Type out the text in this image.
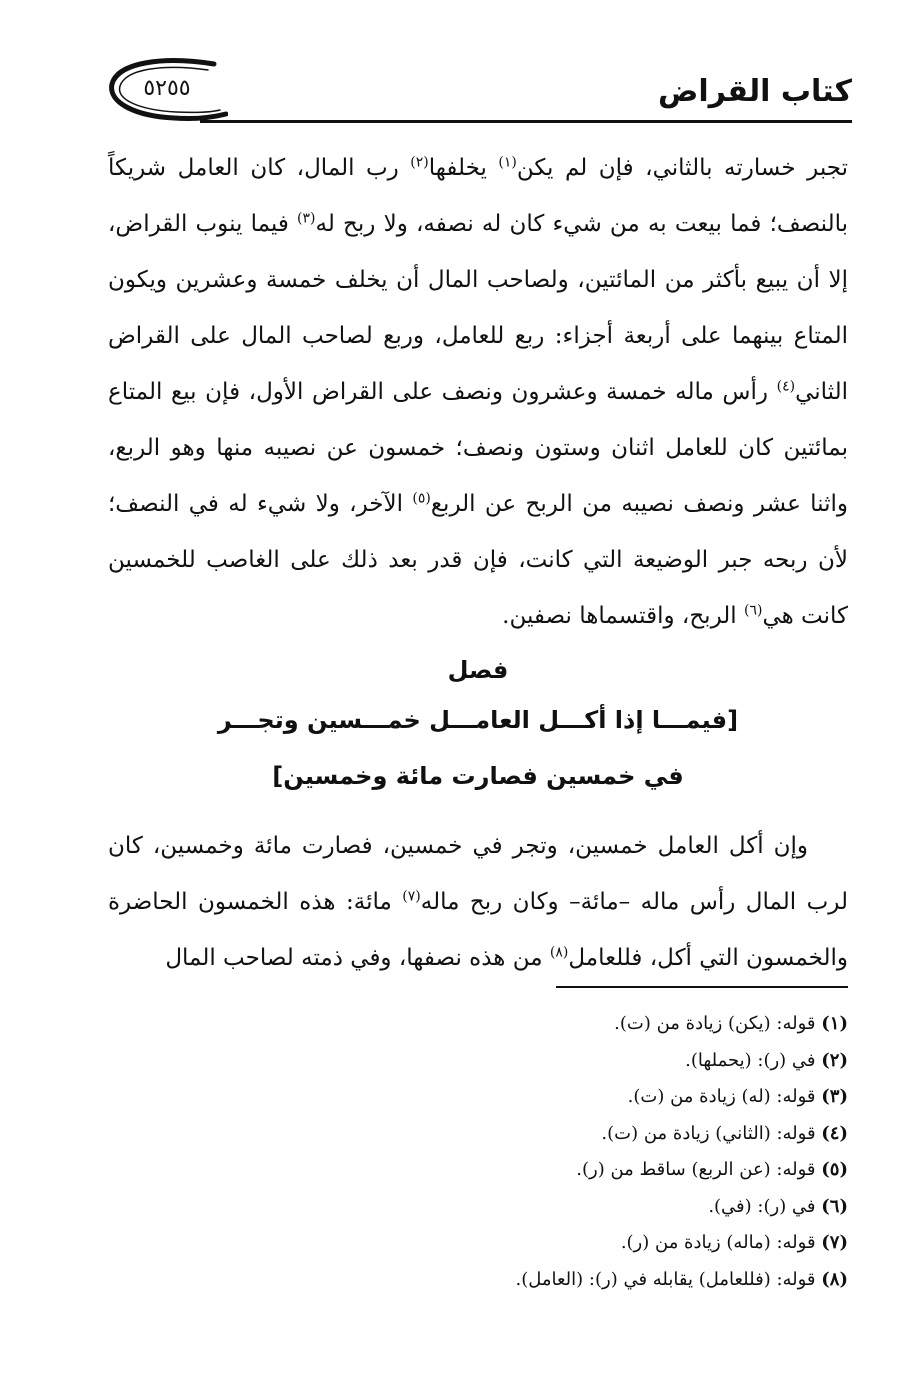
كتاب القراض
٥٢٥٥

تجبر خسارته بالثاني، فإن لم يكن$^{(١)}$ يخلفها$^{(٢)}$ رب المال، كان العامل شريكاً بالنصف؛ فما بيعت به من شيء كان له نصفه، ولا ربح له$^{(٣)}$ فيما ينوب القراض، إلا أن يبيع بأكثر من المائتين، ولصاحب المال أن يخلف خمسة وعشرين ويكون المتاع بينهما على أربعة أجزاء: ربع للعامل، وربع لصاحب المال على القراض الثاني$^{(٤)}$ رأس ماله خمسة وعشرون ونصف على القراض الأول، فإن بيع المتاع بمائتين كان للعامل اثنان وستون ونصف؛ خمسون عن نصيبه منها وهو الربع، واثنا عشر ونصف نصيبه من الربح عن الربع$^{(٥)}$ الآخر، ولا شيء له في النصف؛ لأن ربحه جبر الوضيعة التي كانت، فإن قدر بعد ذلك على الغاصب للخمسين كانت هي$^{(٦)}$ الربح، واقتسماها نصفين.

فصل

[فيمـــا إذا أكـــل العامـــل خمـــسين وتجـــر

في خمسين فصارت مائة وخمسين]

وإن أكل العامل خمسين، وتجر في خمسين، فصارت مائة وخمسين، كان لرب المال رأس ماله –مائة– وكان ربح ماله$^{(٧)}$ مائة: هذه الخمسون الحاضرة والخمسون التي أكل، فللعامل$^{(٨)}$ من هذه نصفها، وفي ذمته لصاحب المال

(١) قوله: (يكن) زيادة من (ت).
(٢) في (ر): (يحملها).
(٣) قوله: (له) زيادة من (ت).
(٤) قوله: (الثاني) زيادة من (ت).
(٥) قوله: (عن الربع) ساقط من (ر).
(٦) في (ر): (في).
(٧) قوله: (ماله) زيادة من (ر).
(٨) قوله: (فللعامل) يقابله في (ر): (العامل).
